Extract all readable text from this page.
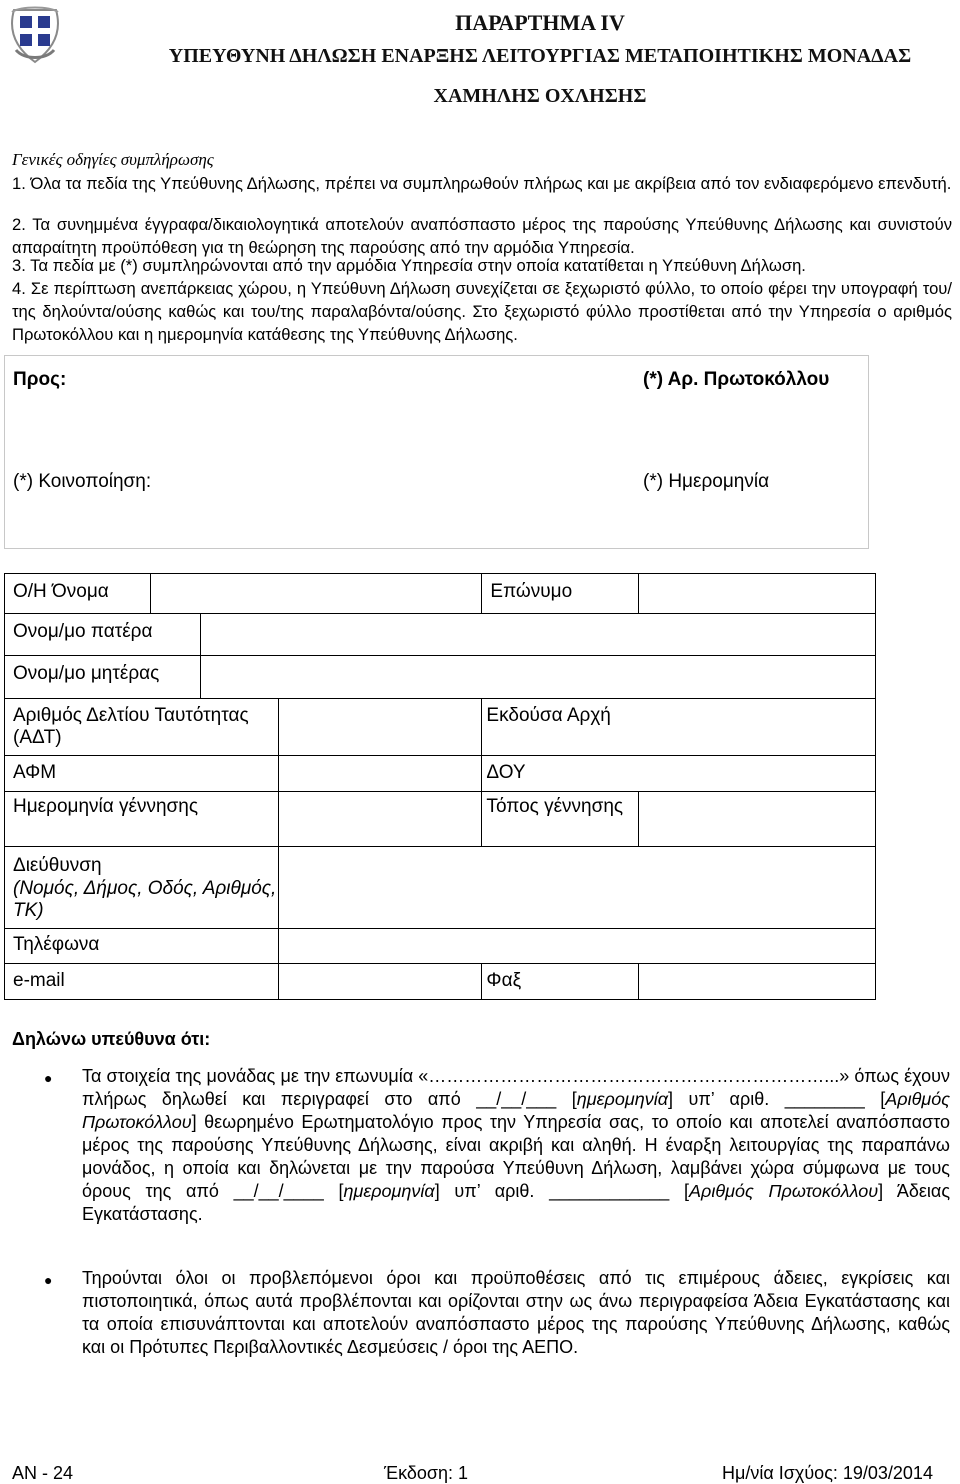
ΠΑΡΑΡΤΗΜΑ IV
ΥΠΕΥΘΥΝΗ ΔΗΛΩΣΗ ΕΝΑΡΞΗΣ ΛΕΙΤΟΥΡΓΙΑΣ ΜΕΤΑΠΟΙΗΤΙΚΗΣ ΜΟΝΑΔΑΣ
ΧΑΜΗΛΗΣ ΟΧΛΗΣΗΣ
Γενικές οδηγίες συμπλήρωσης
1. Όλα τα πεδία της Υπεύθυνης Δήλωσης, πρέπει να συμπληρωθούν πλήρως και με ακρίβεια από τον ενδιαφερόμενο επενδυτή.
2. Τα συνημμένα έγγραφα/δικαιολογητικά αποτελούν αναπόσπαστο μέρος της παρούσης Υπεύθυνης Δήλωσης και συνιστούν απαραίτητη προϋπόθεση για τη θεώρηση της παρούσης από την αρμόδια Υπηρεσία.
3. Τα πεδία με (*) συμπληρώνονται από την αρμόδια Υπηρεσία στην οποία κατατίθεται η Υπεύθυνη Δήλωση.
4. Σε περίπτωση ανεπάρκειας χώρου, η Υπεύθυνη Δήλωση συνεχίζεται σε ξεχωριστό φύλλο, το οποίο φέρει την υπογραφή του/της δηλούντα/ούσης καθώς και του/της παραλαβόντα/ούσης. Στο ξεχωριστό φύλλο προστίθεται από την Υπηρεσία ο αριθμός Πρωτοκόλλου και η ημερομηνία κατάθεσης της Υπεύθυνης Δήλωσης.
Προς:	(*) Αρ. Πρωτοκόλλου
(*) Κοινοποίηση:	(*) Ημερομηνία
Ο/Η Όνομα				Επώνυμο	
Ονομ/μο πατέρα					
Ονομ/μο μητέρας					
Αριθμός Δελτίου Ταυτότητας (ΑΔΤ)				Εκδούσα Αρχή	
ΑΦΜ				ΔΟΥ	
Ημερομηνία γέννησης				Τόπος γέννησης	

Διεύθυνση
(Νομός, Δήμος, Οδός, Αριθμός, ΤΚ)					

Τηλέφωνα					
e-mail				Φαξ	
Δηλώνω υπεύθυνα ότι:
● Τα στοιχεία της μονάδας με την επωνυμία «…………………………………………………………...» όπως έχουν πλήρως δηλωθεί και περιγραφεί στο από __/__/___ [ημερομηνία] υπ’ αριθ. ________ [Αριθμός Πρωτοκόλλου] θεωρημένο Ερωτηματολόγιο προς την Υπηρεσία σας, το οποίο και αποτελεί αναπόσπαστο μέρος της παρούσης Υπεύθυνης Δήλωσης, είναι ακριβή και αληθή. Η έναρξη λειτουργίας της παραπάνω μονάδος, η οποία και δηλώνεται με την παρούσα Υπεύθυνη Δήλωση, λαμβάνει χώρα σύμφωνα με τους όρους της από __/__/____ [ημερομηνία] υπ’ αριθ. ____________ [Αριθμός Πρωτοκόλλου] Άδειας Εγκατάστασης.
● Τηρούνται όλοι οι προβλεπόμενοι όροι και προϋποθέσεις από τις επιμέρους άδειες, εγκρίσεις και πιστοποιητικά, όπως αυτά προβλέπονται και ορίζονται στην ως άνω περιγραφείσα Άδεια Εγκατάστασης και τα οποία επισυνάπτονται και αποτελούν αναπόσπαστο μέρος της παρούσης Υπεύθυνης Δήλωσης, καθώς και οι Πρότυπες Περιβαλλοντικές Δεσμεύσεις / όροι της ΑΕΠΟ.
ΑΝ - 24	Έκδοση: 1	Ημ/νία Ισχύος: 19/03/2014
